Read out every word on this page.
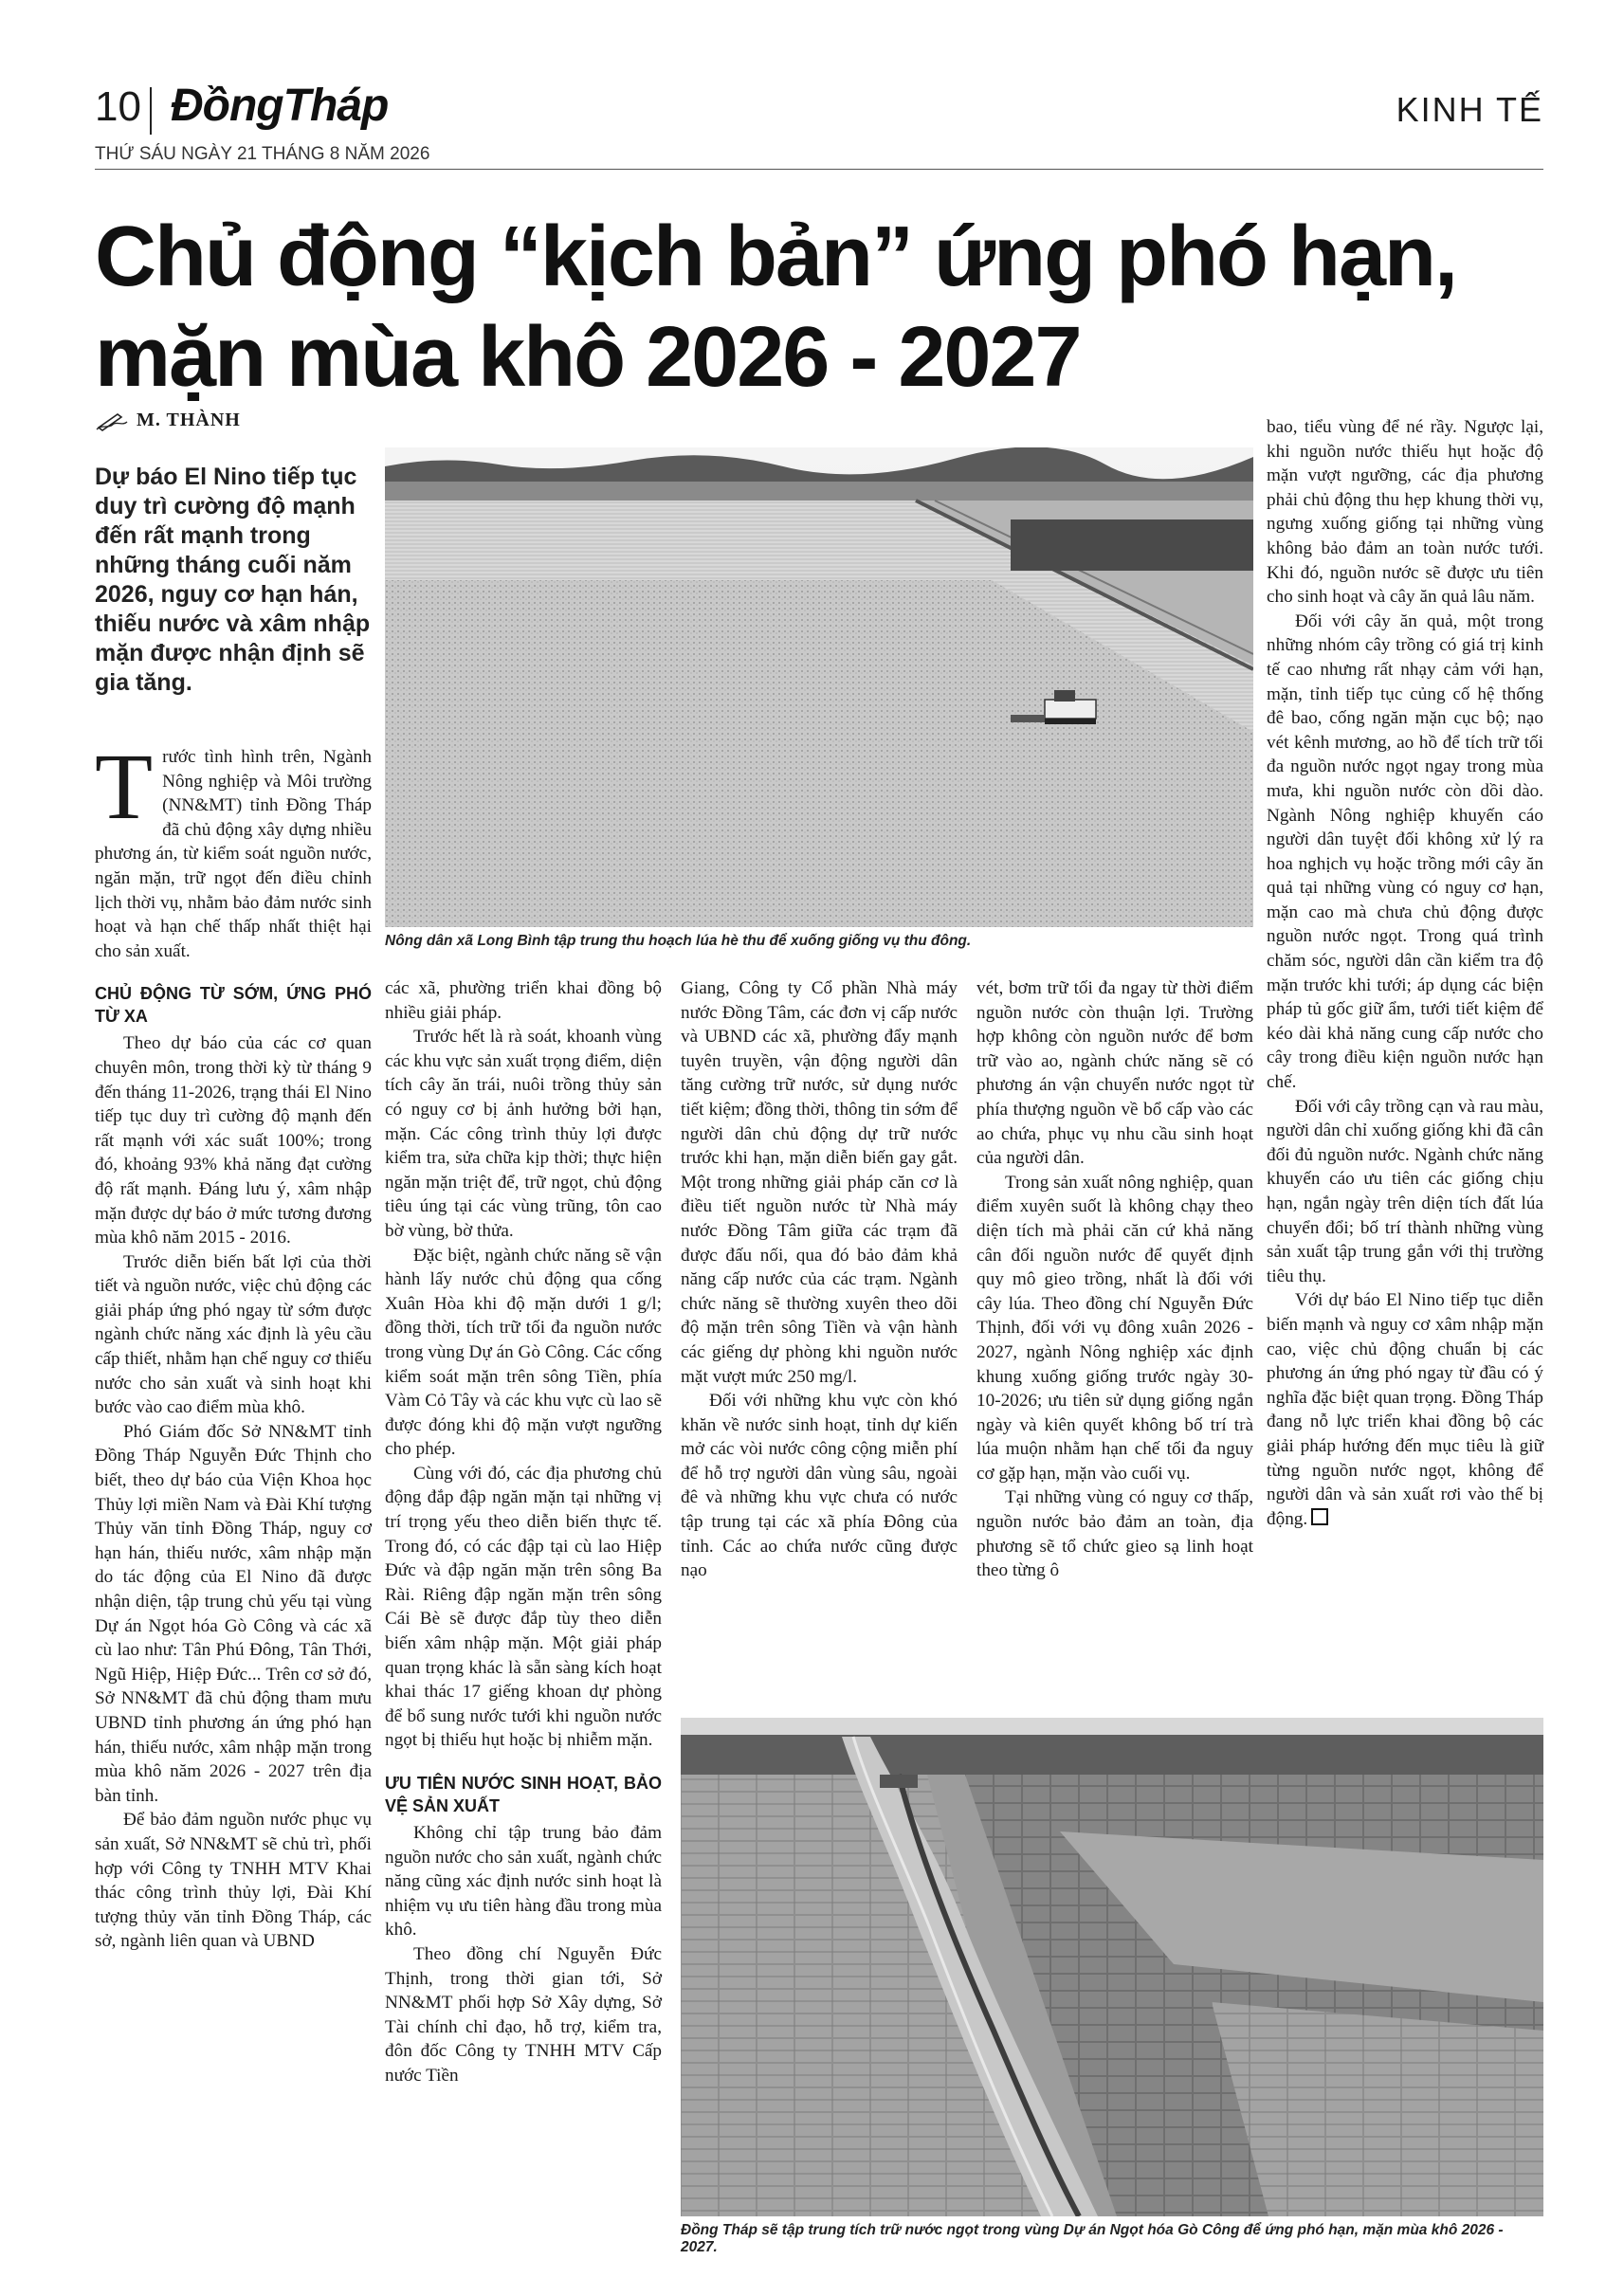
10 ĐồngTháp	KINH TẾ
THỨ SÁU NGÀY 21 THÁNG 8 NĂM 2026
Chủ động “kịch bản” ứng phó hạn, mặn mùa khô 2026 - 2027
M. THÀNH

Dự báo El Nino tiếp tục duy trì cường độ mạnh đến rất mạnh trong những tháng cuối năm 2026, nguy cơ hạn hán, thiếu nước và xâm nhập mặn được nhận định sẽ gia tăng.

Trước tình hình trên, Ngành Nông nghiệp và Môi trường (NN&MT) tỉnh Đồng Tháp đã chủ động xây dựng nhiều phương án, từ kiểm soát nguồn nước, ngăn mặn, trữ ngọt đến điều chỉnh lịch thời vụ, nhằm bảo đảm nước sinh hoạt và hạn chế thấp nhất thiệt hại cho sản xuất.

CHỦ ĐỘNG TỪ SỚM, ỨNG PHÓ TỪ XA

Theo dự báo của các cơ quan chuyên môn, trong thời kỳ từ tháng 9 đến tháng 11-2026, trạng thái El Nino tiếp tục duy trì cường độ mạnh đến rất mạnh với xác suất 100%; trong đó, khoảng 93% khả năng đạt cường độ rất mạnh. Đáng lưu ý, xâm nhập mặn được dự báo ở mức tương đương mùa khô năm 2015 - 2016.

Trước diễn biến bất lợi của thời tiết và nguồn nước, việc chủ động các giải pháp ứng phó ngay từ sớm được ngành chức năng xác định là yêu cầu cấp thiết, nhằm hạn chế nguy cơ thiếu nước cho sản xuất và sinh hoạt khi bước vào cao điểm mùa khô.

Phó Giám đốc Sở NN&MT tỉnh Đồng Tháp Nguyễn Đức Thịnh cho biết, theo dự báo của Viện Khoa học Thủy lợi miền Nam và Đài Khí tượng Thủy văn tỉnh Đồng Tháp, nguy cơ hạn hán, thiếu nước, xâm nhập mặn do tác động của El Nino đã được nhận diện, tập trung chủ yếu tại vùng Dự án Ngọt hóa Gò Công và các xã cù lao như: Tân Phú Đông, Tân Thới, Ngũ Hiệp, Hiệp Đức... Trên cơ sở đó, Sở NN&MT đã chủ động tham mưu UBND tỉnh phương án ứng phó hạn hán, thiếu nước, xâm nhập mặn trong mùa khô năm 2026 - 2027 trên địa bàn tỉnh.

Để bảo đảm nguồn nước phục vụ sản xuất, Sở NN&MT sẽ chủ trì, phối hợp với Công ty TNHH MTV Khai thác công trình thủy lợi, Đài Khí tượng thủy văn tỉnh Đồng Tháp, các sở, ngành liên quan và UBND

Nông dân xã Long Bình tập trung thu hoạch lúa hè thu để xuống giống vụ thu đông.

các xã, phường triển khai đồng bộ nhiều giải pháp.

Trước hết là rà soát, khoanh vùng các khu vực sản xuất trọng điểm, diện tích cây ăn trái, nuôi trồng thủy sản có nguy cơ bị ảnh hưởng bởi hạn, mặn. Các công trình thủy lợi được kiểm tra, sửa chữa kịp thời; thực hiện ngăn mặn triệt để, trữ ngọt, chủ động tiêu úng tại các vùng trũng, tôn cao bờ vùng, bờ thửa.

Đặc biệt, ngành chức năng sẽ vận hành lấy nước chủ động qua cống Xuân Hòa khi độ mặn dưới 1 g/l; đồng thời, tích trữ tối đa nguồn nước trong vùng Dự án Gò Công. Các cống kiểm soát mặn trên sông Tiền, phía Vàm Cỏ Tây và các khu vực cù lao sẽ được đóng khi độ mặn vượt ngưỡng cho phép.

Cùng với đó, các địa phương chủ động đắp đập ngăn mặn tại những vị trí trọng yếu theo diễn biến thực tế. Trong đó, có các đập tại cù lao Hiệp Đức và đập ngăn mặn trên sông Ba Rài. Riêng đập ngăn mặn trên sông Cái Bè sẽ được đắp tùy theo diễn biến xâm nhập mặn. Một giải pháp quan trọng khác là sẵn sàng kích hoạt khai thác 17 giếng khoan dự phòng để bổ sung nước tưới khi nguồn nước ngọt bị thiếu hụt hoặc bị nhiễm mặn.

ƯU TIÊN NƯỚC SINH HOẠT, BẢO VỆ SẢN XUẤT

Không chỉ tập trung bảo đảm nguồn nước cho sản xuất, ngành chức năng cũng xác định nước sinh hoạt là nhiệm vụ ưu tiên hàng đầu trong mùa khô.

Theo đồng chí Nguyễn Đức Thịnh, trong thời gian tới, Sở NN&MT phối hợp Sở Xây dựng, Sở Tài chính chỉ đạo, hỗ trợ, kiểm tra, đôn đốc Công ty TNHH MTV Cấp nước Tiền

Giang, Công ty Cổ phần Nhà máy nước Đồng Tâm, các đơn vị cấp nước và UBND các xã, phường đẩy mạnh tuyên truyền, vận động người dân tăng cường trữ nước, sử dụng nước tiết kiệm; đồng thời, thông tin sớm để người dân chủ động dự trữ nước trước khi hạn, mặn diễn biến gay gắt. Một trong những giải pháp căn cơ là điều tiết nguồn nước từ Nhà máy nước Đồng Tâm giữa các trạm đã được đấu nối, qua đó bảo đảm khả năng cấp nước của các trạm. Ngành chức năng sẽ thường xuyên theo dõi độ mặn trên sông Tiền và vận hành các giếng dự phòng khi nguồn nước mặt vượt mức 250 mg/l.

Đối với những khu vực còn khó khăn về nước sinh hoạt, tỉnh dự kiến mở các vòi nước công cộng miễn phí để hỗ trợ người dân vùng sâu, ngoài đê và những khu vực chưa có nước tập trung tại các xã phía Đông của tỉnh. Các ao chứa nước cũng được nạo

vét, bơm trữ tối đa ngay từ thời điểm nguồn nước còn thuận lợi. Trường hợp không còn nguồn nước để bơm trữ vào ao, ngành chức năng sẽ có phương án vận chuyển nước ngọt từ phía thượng nguồn về bổ cấp vào các ao chứa, phục vụ nhu cầu sinh hoạt của người dân.

Trong sản xuất nông nghiệp, quan điểm xuyên suốt là không chạy theo diện tích mà phải căn cứ khả năng cân đối nguồn nước để quyết định quy mô gieo trồng, nhất là đối với cây lúa. Theo đồng chí Nguyễn Đức Thịnh, đối với vụ đông xuân 2026 - 2027, ngành Nông nghiệp xác định khung xuống giống trước ngày 30-10-2026; ưu tiên sử dụng giống ngắn ngày và kiên quyết không bố trí trà lúa muộn nhằm hạn chế tối đa nguy cơ gặp hạn, mặn vào cuối vụ.

Tại những vùng có nguy cơ thấp, nguồn nước bảo đảm an toàn, địa phương sẽ tổ chức gieo sạ linh hoạt theo từng ô

bao, tiểu vùng để né rầy. Ngược lại, khi nguồn nước thiếu hụt hoặc độ mặn vượt ngưỡng, các địa phương phải chủ động thu hẹp khung thời vụ, ngưng xuống giống tại những vùng không bảo đảm an toàn nước tưới. Khi đó, nguồn nước sẽ được ưu tiên cho sinh hoạt và cây ăn quả lâu năm.

Đối với cây ăn quả, một trong những nhóm cây trồng có giá trị kinh tế cao nhưng rất nhạy cảm với hạn, mặn, tỉnh tiếp tục củng cố hệ thống đê bao, cống ngăn mặn cục bộ; nạo vét kênh mương, ao hồ để tích trữ tối đa nguồn nước ngọt ngay trong mùa mưa, khi nguồn nước còn dồi dào. Ngành Nông nghiệp khuyến cáo người dân tuyệt đối không xử lý ra hoa nghịch vụ hoặc trồng mới cây ăn quả tại những vùng có nguy cơ hạn, mặn cao mà chưa chủ động được nguồn nước ngọt. Trong quá trình chăm sóc, người dân cần kiểm tra độ mặn trước khi tưới; áp dụng các biện pháp tủ gốc giữ ẩm, tưới tiết kiệm để kéo dài khả năng cung cấp nước cho cây trong điều kiện nguồn nước hạn chế.

Đối với cây trồng cạn và rau màu, người dân chỉ xuống giống khi đã cân đối đủ nguồn nước. Ngành chức năng khuyến cáo ưu tiên các giống chịu hạn, ngắn ngày trên diện tích đất lúa chuyển đổi; bố trí thành những vùng sản xuất tập trung gắn với thị trường tiêu thụ.

Với dự báo El Nino tiếp tục diễn biến mạnh và nguy cơ xâm nhập mặn cao, việc chủ động chuẩn bị các phương án ứng phó ngay từ đầu có ý nghĩa đặc biệt quan trọng. Đồng Tháp đang nỗ lực triển khai đồng bộ các giải pháp hướng đến mục tiêu là giữ từng nguồn nước ngọt, không để người dân và sản xuất rơi vào thế bị động.

Đồng Tháp sẽ tập trung tích trữ nước ngọt trong vùng Dự án Ngọt hóa Gò Công để ứng phó hạn, mặn mùa khô 2026 - 2027.
